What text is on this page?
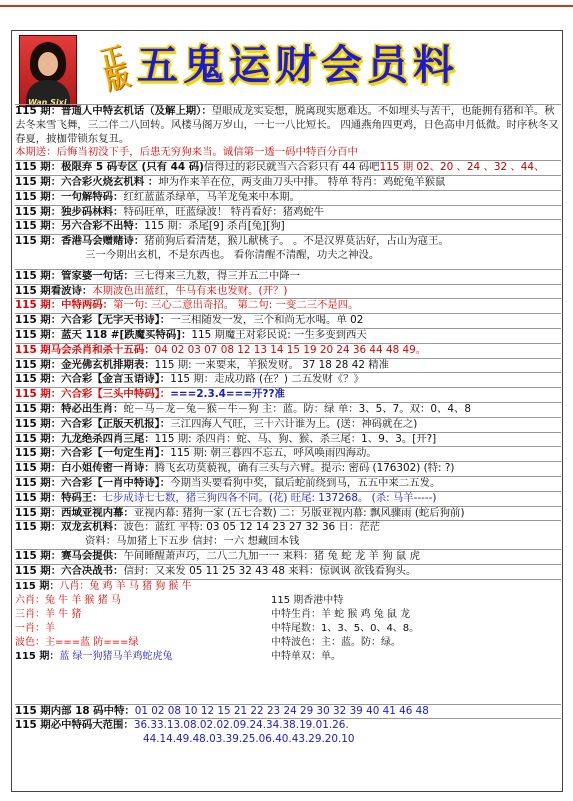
Wan Sixi
正版 五鬼运财会员料
115 期：普通人中特玄机话（及解上期）：望眼成龙实妄想，脱离现实愿难达。不如埋头与苦干，也能拥有猪和羊。秋去冬来雪飞舞，三二伴二八回转。风楼马阁万岁山，一七一八比短长。 四通燕角四更鸡，日色高申月低微。时序秋冬又春夏，披枷带锁东复丑。
本期送：后悔当初没下手，后患无穷狗来当。诚信第一透一码中特百分百中
115 期：极限弃 5 码专区 (只有 44 码)信得过的彩民就当六合彩只有 44 码吧115 期 02、20 、24 、32 、44、
115 期：六合彩火烧玄机料 ：坤为作来羊在位，两支曲刀头中排。 特单 特肖：鸡蛇兔羊猴鼠
115 期：一句解特码：红红蓝蓝杀绿单，马羊龙兔来中本期。
115 期：独步码林料：特码旺单，旺蓝绿波！ 特肖看好：猪鸡蛇牛
115 期：另六合彩不出特：115 期：杀尾[9] 杀肖[兔][狗]
115 期：香港马会赠赌诗：猪前狗后看清楚，猴儿献桃子。 。不是汉界莫沾好，占山为寇王。
三一今期出玄机，不是东西也。 看你清醒不清醒，功夫之神没。
115 期：管家婆一句话：三七得来三九数，得三并五二中降一
115 期看波诗：本期波色出蓝红，牛马有来也发财。(开？)
115 期：中特两码：第一句: 三心二意出奇招。 第二句: 一变二三不是四。
115 期：六合彩【无字天书诗】：一三相随发一发，三个和尚无水喝。单 02
115 期：蓝天 118 #[跌魔买特码]：115 期魔王对彩民说: 一生多变到西天
115 期马会杀肖和杀十五码：04 02 03 07 08 12 13 14 15 19 20 24 36 44 48 49。
115 期：金光佛玄机排期表：115 期: 一来要来，羊猴发财。 37 18 28 42 精准
115 期：六合彩【金言玉语诗】：115 期：走成功路 (在？) 二五发财《？》
115 期：六合彩【三头中特码】：===2.3.4===开??准
115 期：特必出生肖：蛇－马－龙－兔－猴－牛－狗 主：蓝。防：绿 单：3、5、7。双：0、4、8
115 期：六合彩【正版天机报】：三江四海人气旺，三十六计谁为上。(送：神码就在之)
115 期：九龙绝杀四肖三尾：115 期: 杀四肖：蛇、马、狗、猴、杀三尾：1、9、3。[开?]
115 期：六合彩【一句定生肖】：115 期: 朝三暮四不忘五，呼风唤雨四海动。
115 期：白小姐传密一肖诗：腾飞玄功莫藐视，确有三头与六臂。提示: 密码 (176302) (特: ?)
115 期：六合彩【一肖中特诗】：今期当头要看狗中奖，鼠后蛇前绕到马，五五中来二五发。
115 期：特码王：七步成诗七七数，猪三狗四各不同。(花) 旺尾: 137268。 (杀: 马羊-----)
115 期：西域亚视内幕：亚视内幕: 猪狗一家 (五七合数) 二：另版亚视内幕: 飘风骤雨 (蛇后狗前)
115 期：双龙玄机料：波色：蓝红 平特: 03 05 12 14 23 27 32 36 日：茫茫
资料：马加猪上下五步 信封：一六 想藏回本钱
115 期：赛马会提供：午间睡醒萧声巧，二八二九加一一 来料：猪 兔 蛇 龙 羊 狗 鼠 虎
115 期：六合决战书：信封：又来发 05 11 25 32 43 48 来料：惊讽讽 欲钱看狗头。
115 期：八肖：兔 鸡 羊 马 猪 狗 猴 牛
六肖：兔 牛 羊 猴 猪 马
三肖：羊 牛 猪
一肖：羊
波色：主===蓝 防===绿
115 期：蓝 绿一狗猪马羊鸡蛇虎兔
115 期香港中特
中特生肖：羊 蛇 猴 鸡 兔 鼠 龙
中特尾数：1、3、5、0、4、8。
中特波色：主：蓝。防：绿。
中特单双：单。
115 期内部 18 码中特：01 02 08 10 12 15 21 22 23 24 29 30 32 39 40 41 46 48
115 期必中特码大范围：36.33.13.08.02.02.09.24.34.38.19.01.26.
44.14.49.48.03.39.25.06.40.43.29.20.10
